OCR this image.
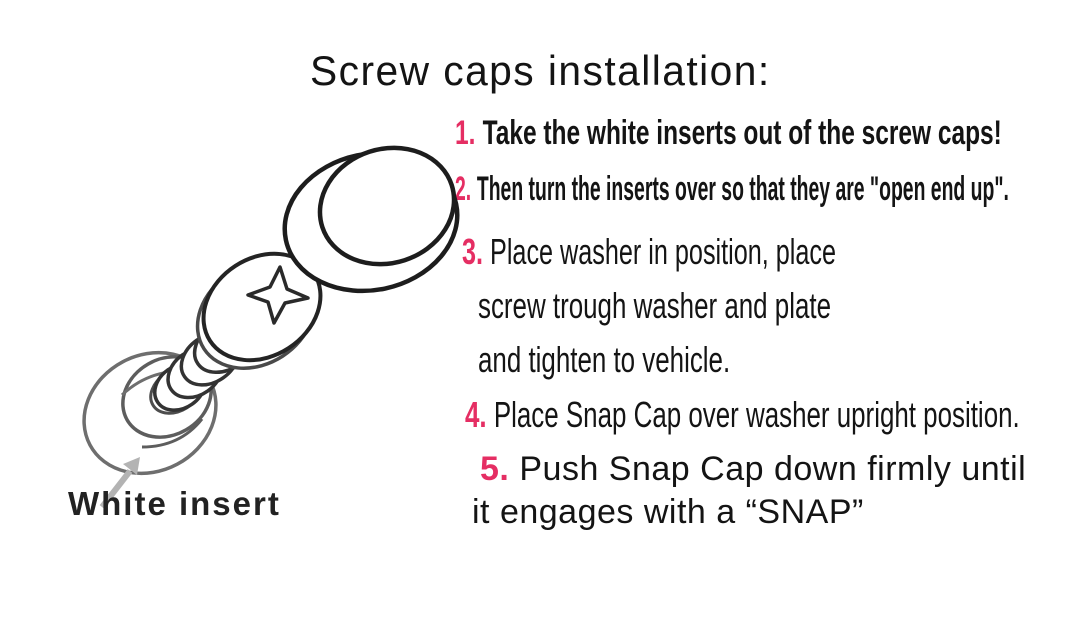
Screw caps installation:
1. Take the white inserts out of the screw caps!
2. Then turn the inserts over so that they are "open end up".
3. Place washer in position, place
screw trough washer and plate
and tighten to vehicle.
4. Place Snap Cap over washer upright position.
5. Push Snap Cap down firmly until
it engages with a “SNAP”
White insert
